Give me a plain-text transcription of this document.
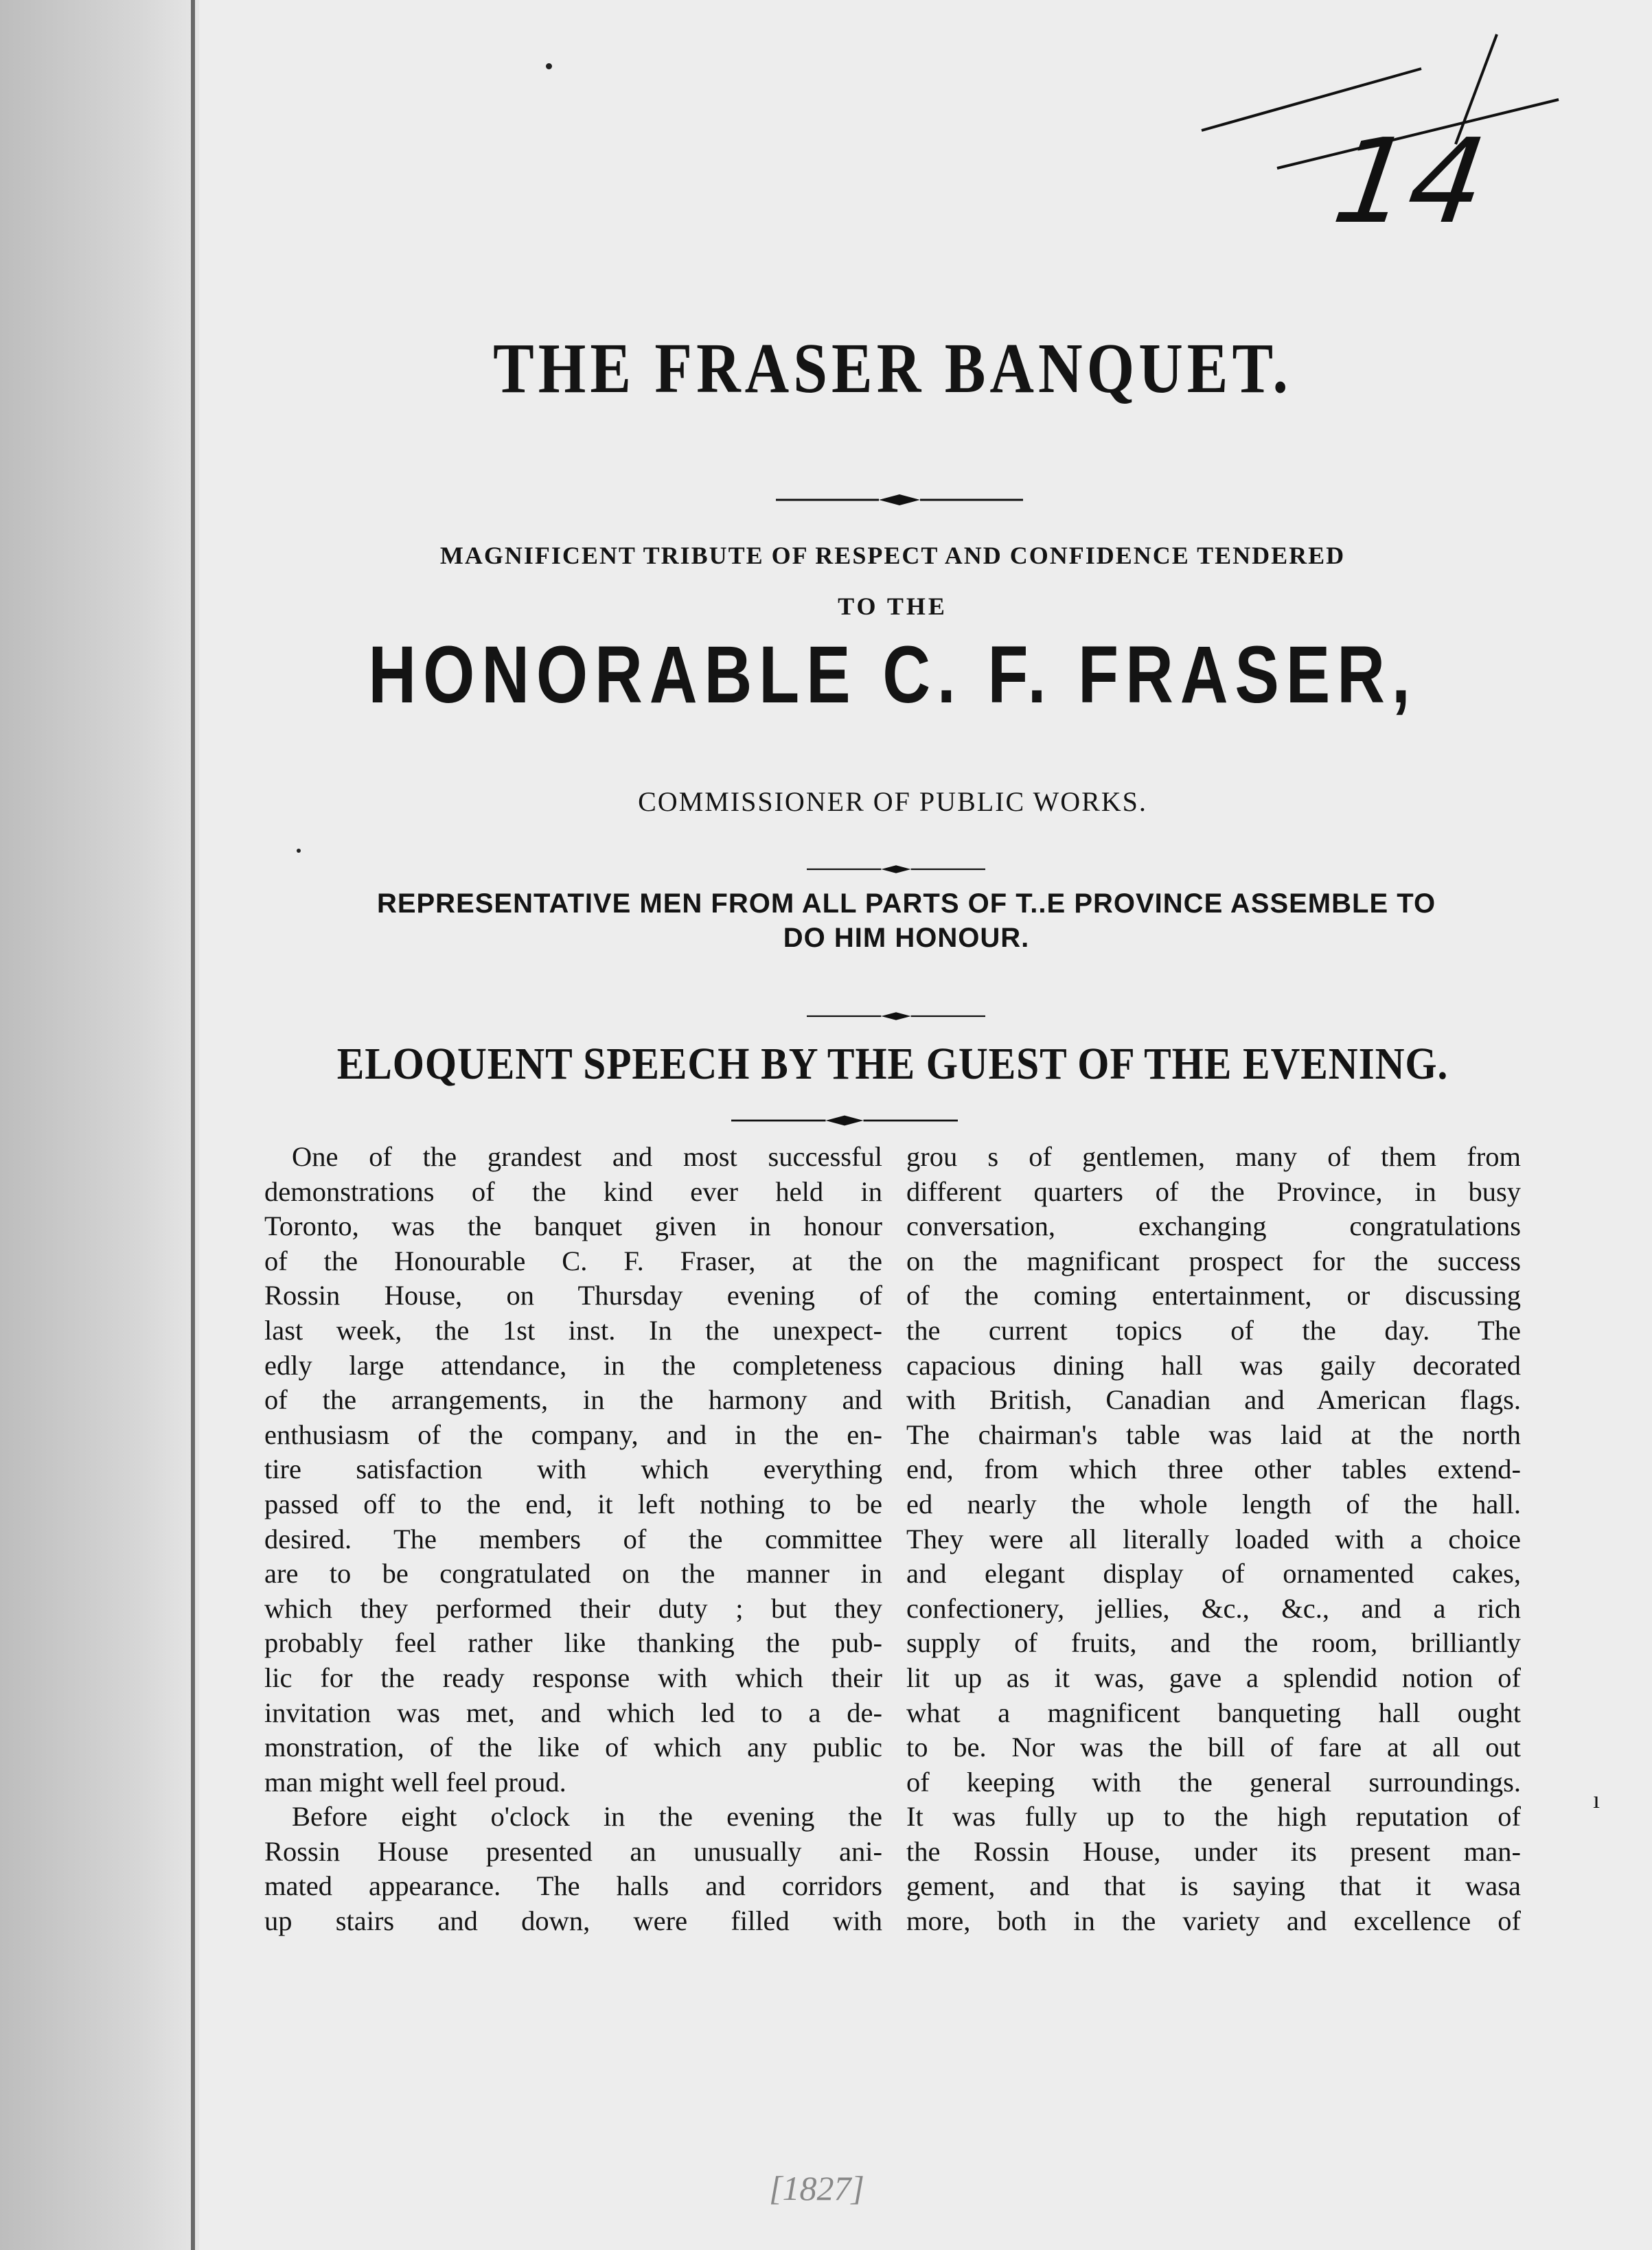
14
THE FRASER BANQUET.
MAGNIFICENT TRIBUTE OF RESPECT AND CONFIDENCE TENDERED
TO THE
HONORABLE C. F. FRASER,
COMMISSIONER OF PUBLIC WORKS.
REPRESENTATIVE MEN FROM ALL PARTS OF T..E PROVINCE ASSEMBLE TO
DO HIM HONOUR.
ELOQUENT SPEECH BY THE GUEST OF THE EVENING.
One of the grandest and most successful
demonstrations of the kind ever held in
Toronto, was the banquet given in honour
of the Honourable C. F. Fraser, at the
Rossin House, on Thursday evening of
last week, the 1st inst. In the unexpect-
edly large attendance, in the completeness
of the arrangements, in the harmony and
enthusiasm of the company, and in the en-
tire satisfaction with which everything
passed off to the end, it left nothing to be
desired. The members of the committee
are to be congratulated on the manner in
which they performed their duty ; but they
probably feel rather like thanking the pub-
lic for the ready response with which their
invitation was met, and which led to a de-
monstration, of the like of which any public
man might well feel proud.
Before eight o'clock in the evening the
Rossin House presented an unusually ani-
mated appearance. The halls and corridors
up stairs and down, were filled with
grou s of gentlemen, many of them from
different quarters of the Province, in busy
conversation, exchanging congratulations
on the magnificant prospect for the success
of the coming entertainment, or discussing
the current topics of the day. The
capacious dining hall was gaily decorated
with British, Canadian and American flags.
The chairman's table was laid at the north
end, from which three other tables extend-
ed nearly the whole length of the hall.
They were all literally loaded with a choice
and elegant display of ornamented cakes,
confectionery, jellies, &c., &c., and a rich
supply of fruits, and the room, brilliantly
lit up as it was, gave a splendid notion of
what a magnificent banqueting hall ought
to be. Nor was the bill of fare at all out
of keeping with the general surroundings.
It was fully up to the high reputation of
the Rossin House, under its present man-
gement, and that is saying that it wasa
more, both in the variety and excellence of
[1827]
ı
